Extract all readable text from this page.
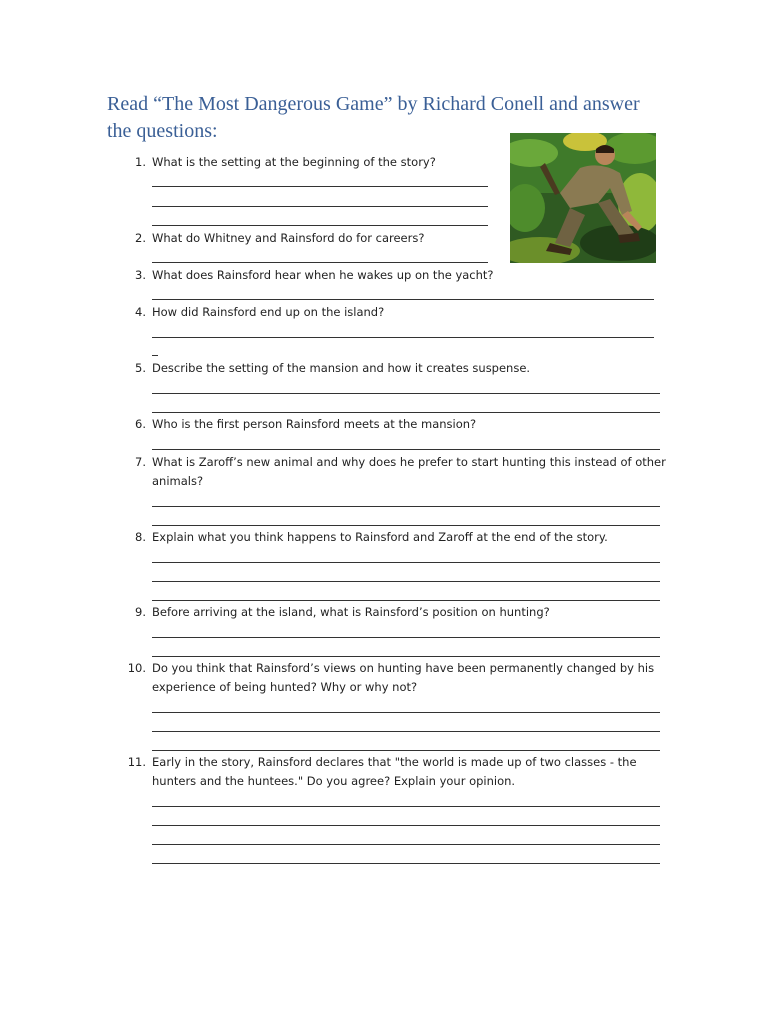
Read “The Most Dangerous Game” by Richard Conell and answer the questions:
1. What is the setting at the beginning of the story?
2. What do Whitney and Rainsford do for careers?
3. What does Rainsford hear when he wakes up on the yacht?
4. How did Rainsford end up on the island?
5. Describe the setting of the mansion and how it creates suspense.
6. Who is the first person Rainsford meets at the mansion?
7. What is Zaroff’s new animal and why does he prefer to start hunting this instead of other
animals?
8. Explain what you think happens to Rainsford and Zaroff at the end of the story.
9. Before arriving at the island, what is Rainsford’s position on hunting?
10. Do you think that Rainsford’s views on hunting have been permanently changed by his
experience of being hunted? Why or why not?
11. Early in the story, Rainsford declares that "the world is made up of two classes - the
hunters and the huntees." Do you agree? Explain your opinion.
